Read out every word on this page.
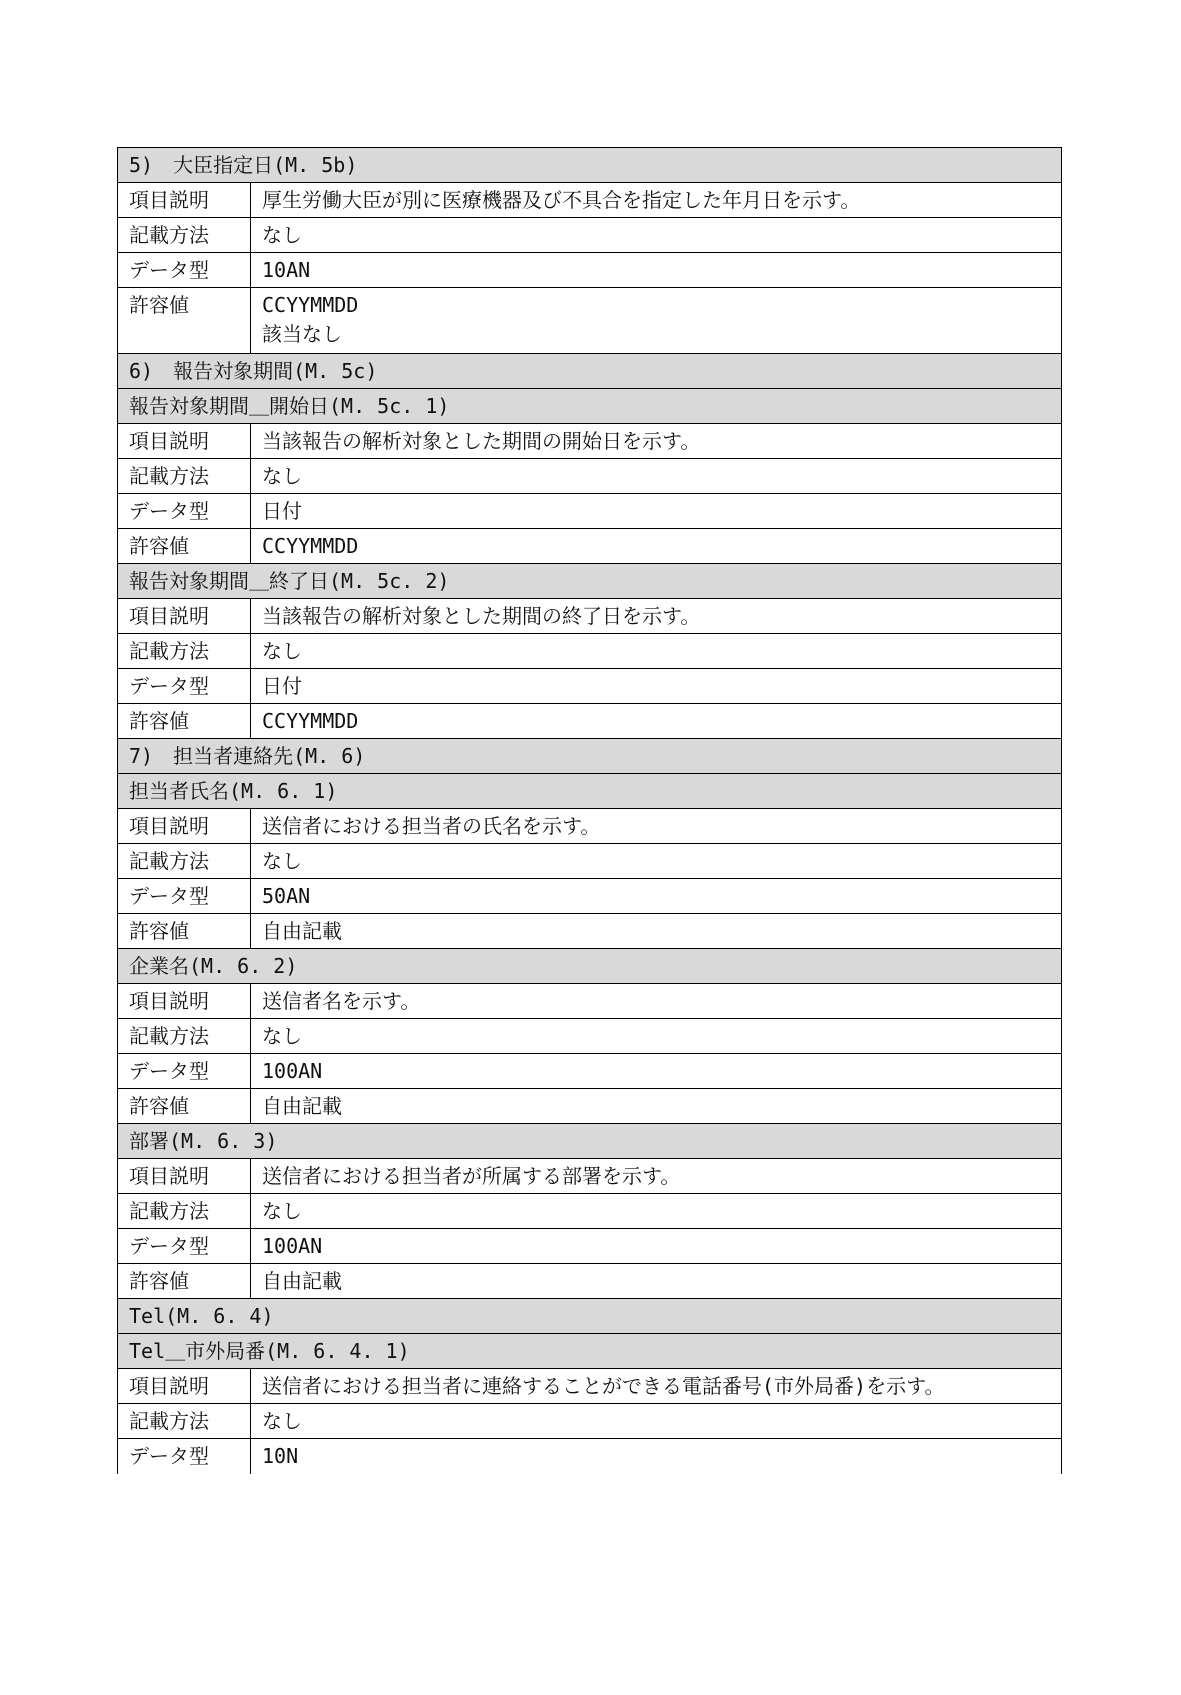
5)　大臣指定日(M. 5b)	
項目説明	厚生労働大臣が別に医療機器及び不具合を指定した年月日を示す。
記載方法	なし
データ型	10AN
許容値	CCYYMMDD
該当なし

6)　報告対象期間(M. 5c)	
報告対象期間＿開始日(M. 5c. 1)	
項目説明	当該報告の解析対象とした期間の開始日を示す。
記載方法	なし
データ型	日付
許容値	CCYYMMDD
報告対象期間＿終了日(M. 5c. 2)	
項目説明	当該報告の解析対象とした期間の終了日を示す。
記載方法	なし
データ型	日付
許容値	CCYYMMDD
7)　担当者連絡先(M. 6)	
担当者氏名(M. 6. 1)	
項目説明	送信者における担当者の氏名を示す。
記載方法	なし
データ型	50AN
許容値	自由記載
企業名(M. 6. 2)	
項目説明	送信者名を示す。
記載方法	なし
データ型	100AN
許容値	自由記載
部署(M. 6. 3)	
項目説明	送信者における担当者が所属する部署を示す。
記載方法	なし
データ型	100AN
許容値	自由記載
Tel(M. 6. 4)	
Tel＿市外局番(M. 6. 4. 1)	
項目説明	送信者における担当者に連絡することができる電話番号(市外局番)を示す。
記載方法	なし
データ型	10N
